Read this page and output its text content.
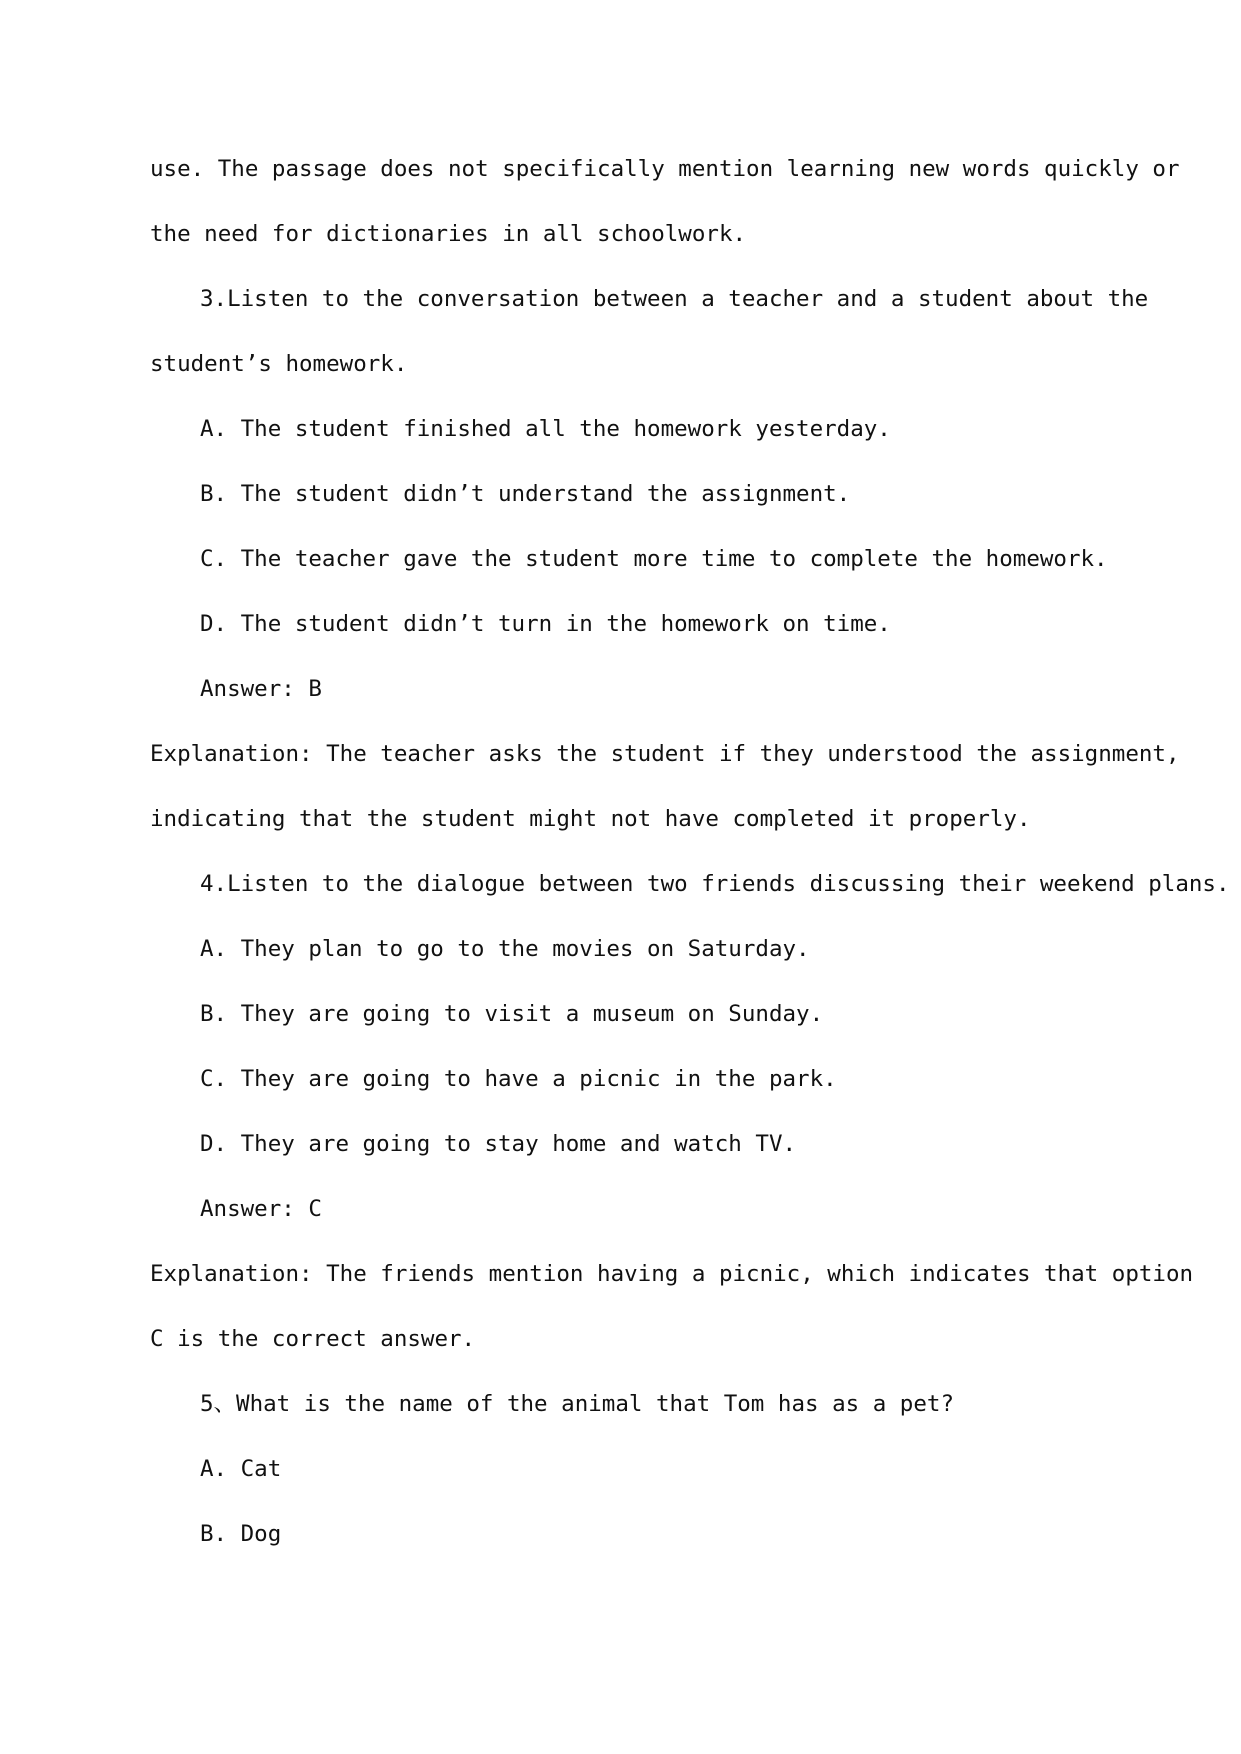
use. The passage does not specifically mention learning new words quickly or
the need for dictionaries in all schoolwork.
3.Listen to the conversation between a teacher and a student about the
student’s homework.
A. The student finished all the homework yesterday.
B. The student didn’t understand the assignment.
C. The teacher gave the student more time to complete the homework.
D. The student didn’t turn in the homework on time.
Answer: B
Explanation: The teacher asks the student if they understood the assignment,
indicating that the student might not have completed it properly.
4.Listen to the dialogue between two friends discussing their weekend plans.
A. They plan to go to the movies on Saturday.
B. They are going to visit a museum on Sunday.
C. They are going to have a picnic in the park.
D. They are going to stay home and watch TV.
Answer: C
Explanation: The friends mention having a picnic, which indicates that option
C is the correct answer.
5、What is the name of the animal that Tom has as a pet?
A. Cat
B. Dog
